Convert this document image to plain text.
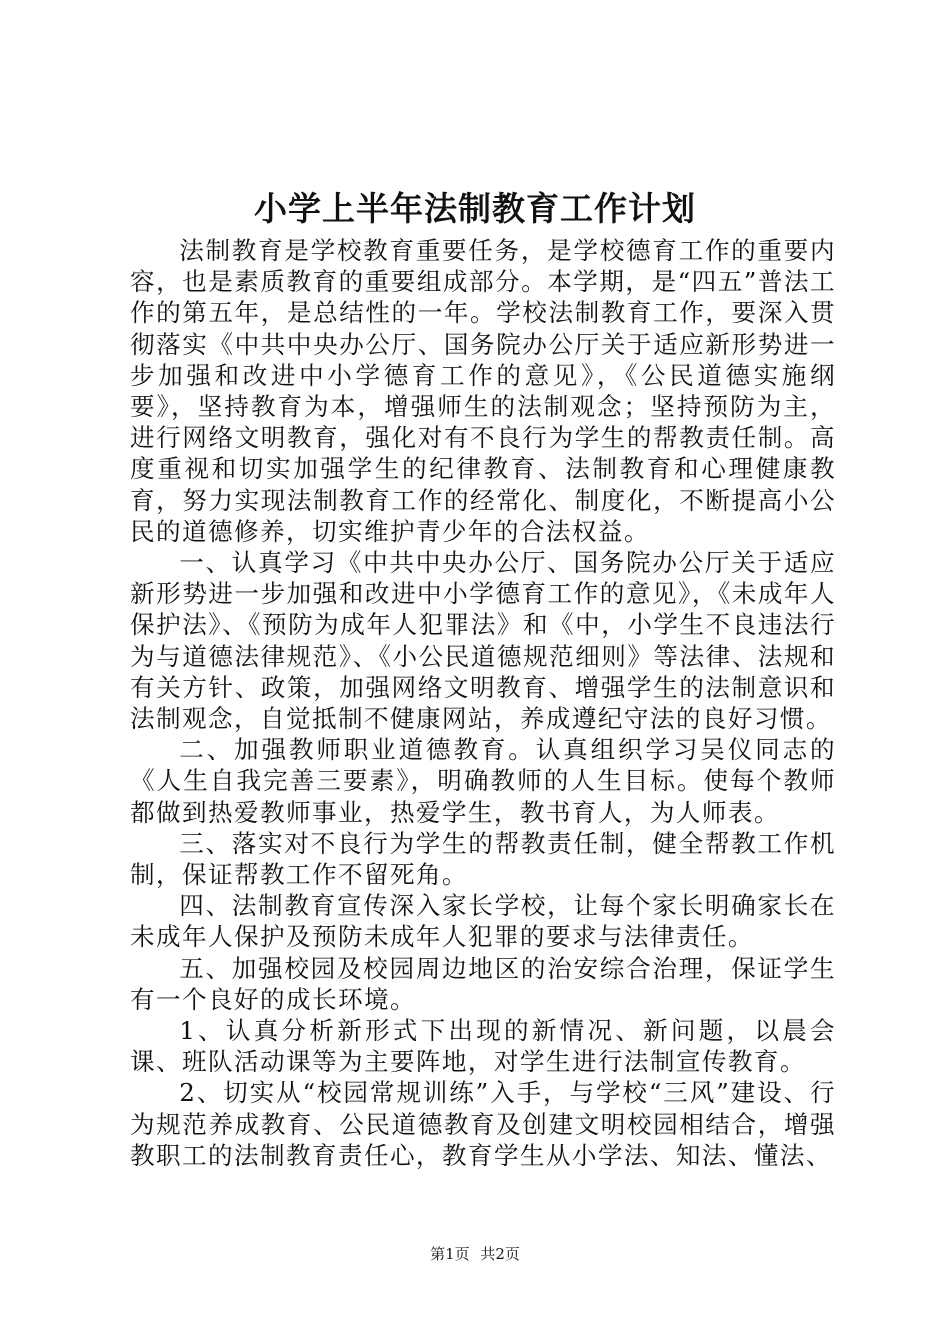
小学上半年法制教育工作计划

法制教育是学校教育重要任务，是学校德育工作的重要内容，也是素质教育的重要组成部分。本学期，是“四五”普法工作的第五年，是总结性的一年。学校法制教育工作，要深入贯彻落实《中共中央办公厅、国务院办公厅关于适应新形势进一步加强和改进中小学德育工作的意见》，《公民道德实施纲要》，坚持教育为本，增强师生的法制观念；坚持预防为主，进行网络文明教育，强化对有不良行为学生的帮教责任制。高度重视和切实加强学生的纪律教育、法制教育和心理健康教育，努力实现法制教育工作的经常化、制度化，不断提高小公民的道德修养，切实维护青少年的合法权益。

一、认真学习《中共中央办公厅、国务院办公厅关于适应新形势进一步加强和改进中小学德育工作的意见》，《未成年人保护法》、《预防为成年人犯罪法》和《中，小学生不良违法行为与道德法律规范》、《小公民道德规范细则》等法律、法规和有关方针、政策，加强网络文明教育、增强学生的法制意识和法制观念，自觉抵制不健康网站，养成遵纪守法的良好习惯。

二、加强教师职业道德教育。认真组织学习吴仪同志的《人生自我完善三要素》，明确教师的人生目标。使每个教师都做到热爱教师事业，热爱学生，教书育人，为人师表。

三、落实对不良行为学生的帮教责任制，健全帮教工作机制，保证帮教工作不留死角。

四、法制教育宣传深入家长学校，让每个家长明确家长在未成年人保护及预防未成年人犯罪的要求与法律责任。

五、加强校园及校园周边地区的治安综合治理，保证学生有一个良好的成长环境。

1、认真分析新形式下出现的新情况、新问题，以晨会课、班队活动课等为主要阵地，对学生进行法制宣传教育。

2、切实从“校园常规训练”入手，与学校“三风”建设、行为规范养成教育、公民道德教育及创建文明校园相结合，增强教职工的法制教育责任心，教育学生从小学法、知法、懂法、

第1页 共2页
